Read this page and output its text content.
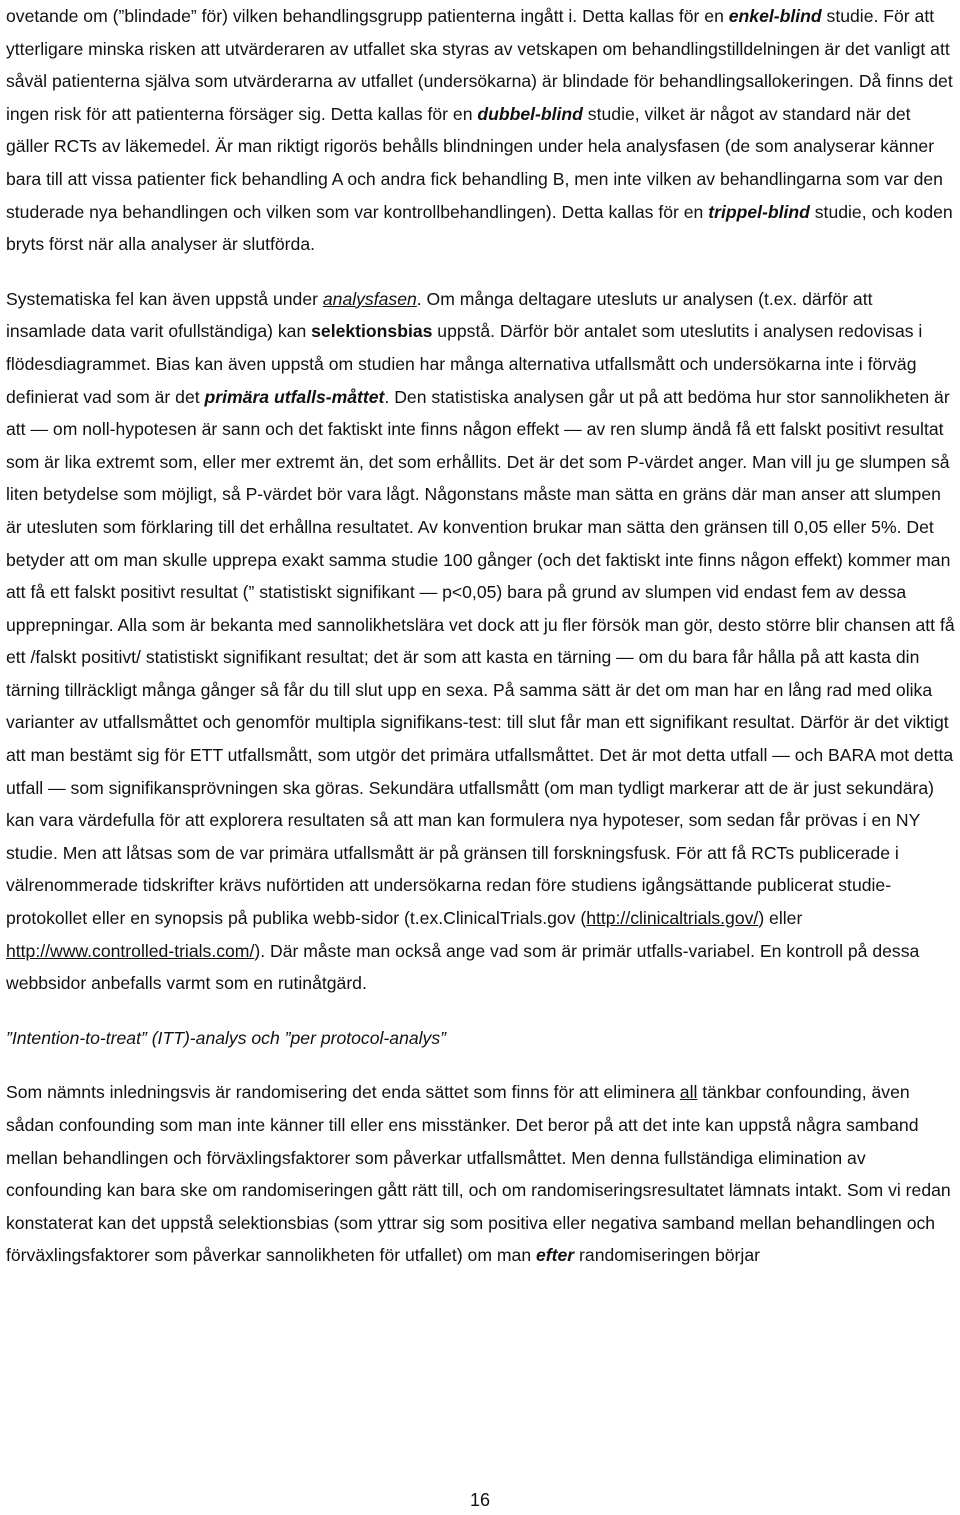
ovetande om (”blindade” för) vilken behandlingsgrupp patienterna ingått i. Detta kallas för en enkel-blind studie. För att ytterligare minska risken att utvärderaren av utfallet ska styras av vetskapen om behandlingstilldelningen är det vanligt att såväl patienterna själva som utvärderarna av utfallet (undersökarna) är blindade för behandlingsallokeringen. Då finns det ingen risk för att patienterna försäger sig. Detta kallas för en dubbel-blind studie, vilket är något av standard när det gäller RCTs av läkemedel. Är man riktigt rigorös behålls blindningen under hela analysfasen (de som analyserar känner bara till att vissa patienter fick behandling A och andra fick behandling B, men inte vilken av behandlingarna som var den studerade nya behandlingen och vilken som var kontrollbehandlingen). Detta kallas för en trippel-blind studie, och koden bryts först när alla analyser är slutförda.

Systematiska fel kan även uppstå under analysfasen. Om många deltagare utesluts ur analysen (t.ex. därför att insamlade data varit ofullständiga) kan selektionsbias uppstå. Därför bör antalet som uteslutits i analysen redovisas i flödesdiagrammet. Bias kan även uppstå om studien har många alternativa utfallsmått och undersökarna inte i förväg definierat vad som är det primära utfalls-måttet. Den statistiska analysen går ut på att bedöma hur stor sannolikheten är att — om noll-hypotesen är sann och det faktiskt inte finns någon effekt — av ren slump ändå få ett falskt positivt resultat som är lika extremt som, eller mer extremt än, det som erhållits. Det är det som P-värdet anger. Man vill ju ge slumpen så liten betydelse som möjligt, så P-värdet bör vara lågt. Någonstans måste man sätta en gräns där man anser att slumpen är utesluten som förklaring till det erhållna resultatet. Av konvention brukar man sätta den gränsen till 0,05 eller 5%. Det betyder att om man skulle upprepa exakt samma studie 100 gånger (och det faktiskt inte finns någon effekt) kommer man att få ett falskt positivt resultat (” statistiskt signifikant — p<0,05) bara på grund av slumpen vid endast fem av dessa upprepningar. Alla som är bekanta med sannolikhetslära vet dock att ju fler försök man gör, desto större blir chansen att få ett /falskt positivt/ statistiskt signifikant resultat; det är som att kasta en tärning — om du bara får hålla på att kasta din tärning tillräckligt många gånger så får du till slut upp en sexa. På samma sätt är det om man har en lång rad med olika varianter av utfallsmåttet och genomför multipla signifikans-test: till slut får man ett signifikant resultat. Därför är det viktigt att man bestämt sig för ETT utfallsmått, som utgör det primära utfallsmåttet. Det är mot detta utfall — och BARA mot detta utfall — som signifikansprövningen ska göras. Sekundära utfallsmått (om man tydligt markerar att de är just sekundära) kan vara värdefulla för att explorera resultaten så att man kan formulera nya hypoteser, som sedan får prövas i en NY studie. Men att låtsas som de var primära utfallsmått är på gränsen till forskningsfusk. För att få RCTs publicerade i välrenommerade tidskrifter krävs nuförtiden att undersökarna redan före studiens igångsättande publicerat studie-protokollet eller en synopsis på publika webb-sidor (t.ex.ClinicalTrials.gov (http://clinicaltrials.gov/) eller http://www.controlled-trials.com/). Där måste man också ange vad som är primär utfalls-variabel. En kontroll på dessa webbsidor anbefalls varmt som en rutinåtgärd.

”Intention-to-treat” (ITT)-analys och ”per protocol-analys”

Som nämnts inledningsvis är randomisering det enda sättet som finns för att eliminera all tänkbar confounding, även sådan confounding som man inte känner till eller ens misstänker. Det beror på att det inte kan uppstå några samband mellan behandlingen och förväxlingsfaktorer som påverkar utfallsmåttet. Men denna fullständiga elimination av confounding kan bara ske om randomiseringen gått rätt till, och om randomiseringsresultatet lämnats intakt. Som vi redan konstaterat kan det uppstå selektionsbias (som yttrar sig som positiva eller negativa samband mellan behandlingen och förväxlingsfaktorer som påverkar sannolikheten för utfallet) om man efter randomiseringen börjar

16
